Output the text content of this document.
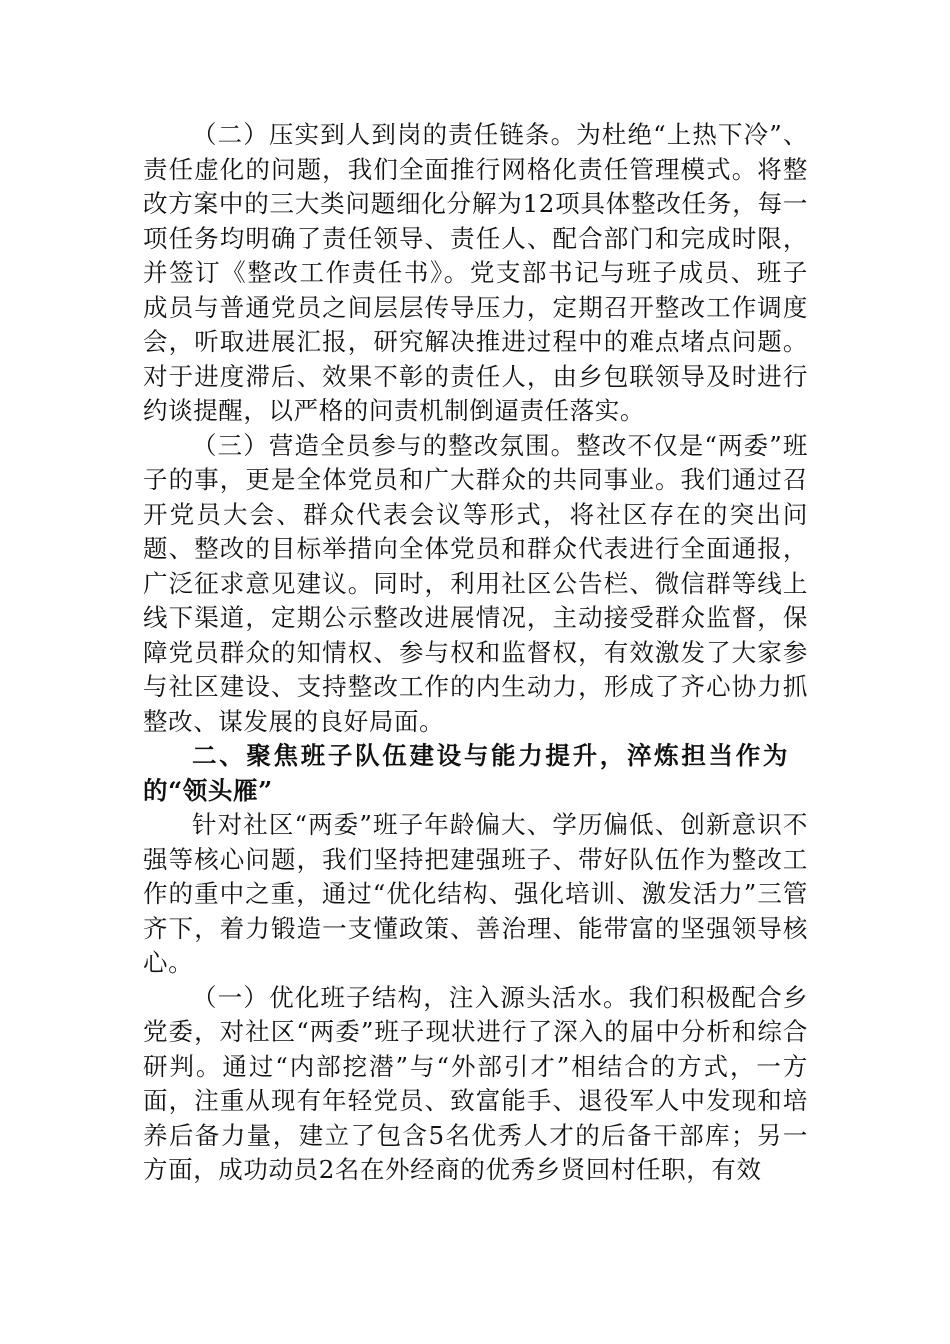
（二）压实到人到岗的责任链条。为杜绝“上热下冷”、责任虚化的问题，我们全面推行网格化责任管理模式。将整改方案中的三大类问题细化分解为12项具体整改任务，每一项任务均明确了责任领导、责任人、配合部门和完成时限，并签订《整改工作责任书》。党支部书记与班子成员、班子成员与普通党员之间层层传导压力，定期召开整改工作调度会，听取进展汇报，研究解决推进过程中的难点堵点问题。对于进度滞后、效果不彰的责任人，由乡包联领导及时进行约谈提醒，以严格的问责机制倒逼责任落实。

（三）营造全员参与的整改氛围。整改不仅是“两委”班子的事，更是全体党员和广大群众的共同事业。我们通过召开党员大会、群众代表会议等形式，将社区存在的突出问题、整改的目标举措向全体党员和群众代表进行全面通报，广泛征求意见建议。同时，利用社区公告栏、微信群等线上线下渠道，定期公示整改进展情况，主动接受群众监督，保障党员群众的知情权、参与权和监督权，有效激发了大家参与社区建设、支持整改工作的内生动力，形成了齐心协力抓整改、谋发展的良好局面。

二、聚焦班子队伍建设与能力提升，淬炼担当作为的“领头雁”

针对社区“两委”班子年龄偏大、学历偏低、创新意识不强等核心问题，我们坚持把建强班子、带好队伍作为整改工作的重中之重，通过“优化结构、强化培训、激发活力”三管齐下，着力锻造一支懂政策、善治理、能带富的坚强领导核心。

（一）优化班子结构，注入源头活水。我们积极配合乡党委，对社区“两委”班子现状进行了深入的届中分析和综合研判。通过“内部挖潜”与“外部引才”相结合的方式，一方面，注重从现有年轻党员、致富能手、退役军人中发现和培养后备力量，建立了包含5名优秀人才的后备干部库；另一方面，成功动员2名在外经商的优秀乡贤回村任职，有效
